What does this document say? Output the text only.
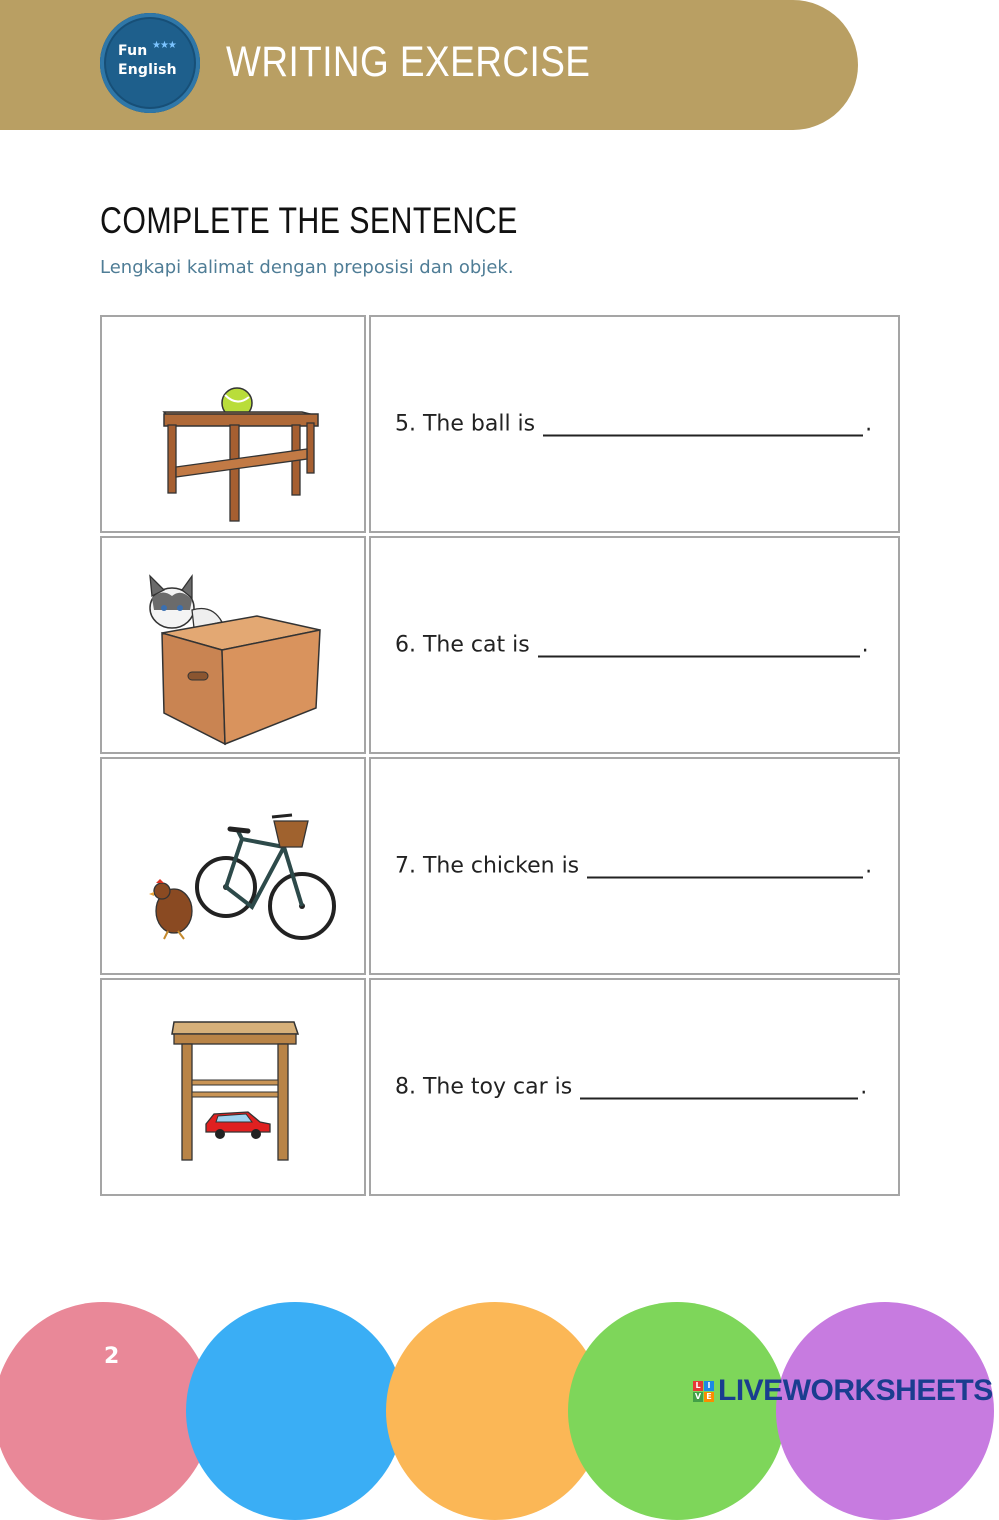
Fun ★★★
English WRITING EXERCISE
COMPLETE THE SENTENCE
Lengkapi kalimat dengan preposisi dan objek.
5. The ball is	.
6. The cat is	.
7. The chicken is	.
8. The toy car is	.
2
L I
V E LIVE WORKSHEETS
